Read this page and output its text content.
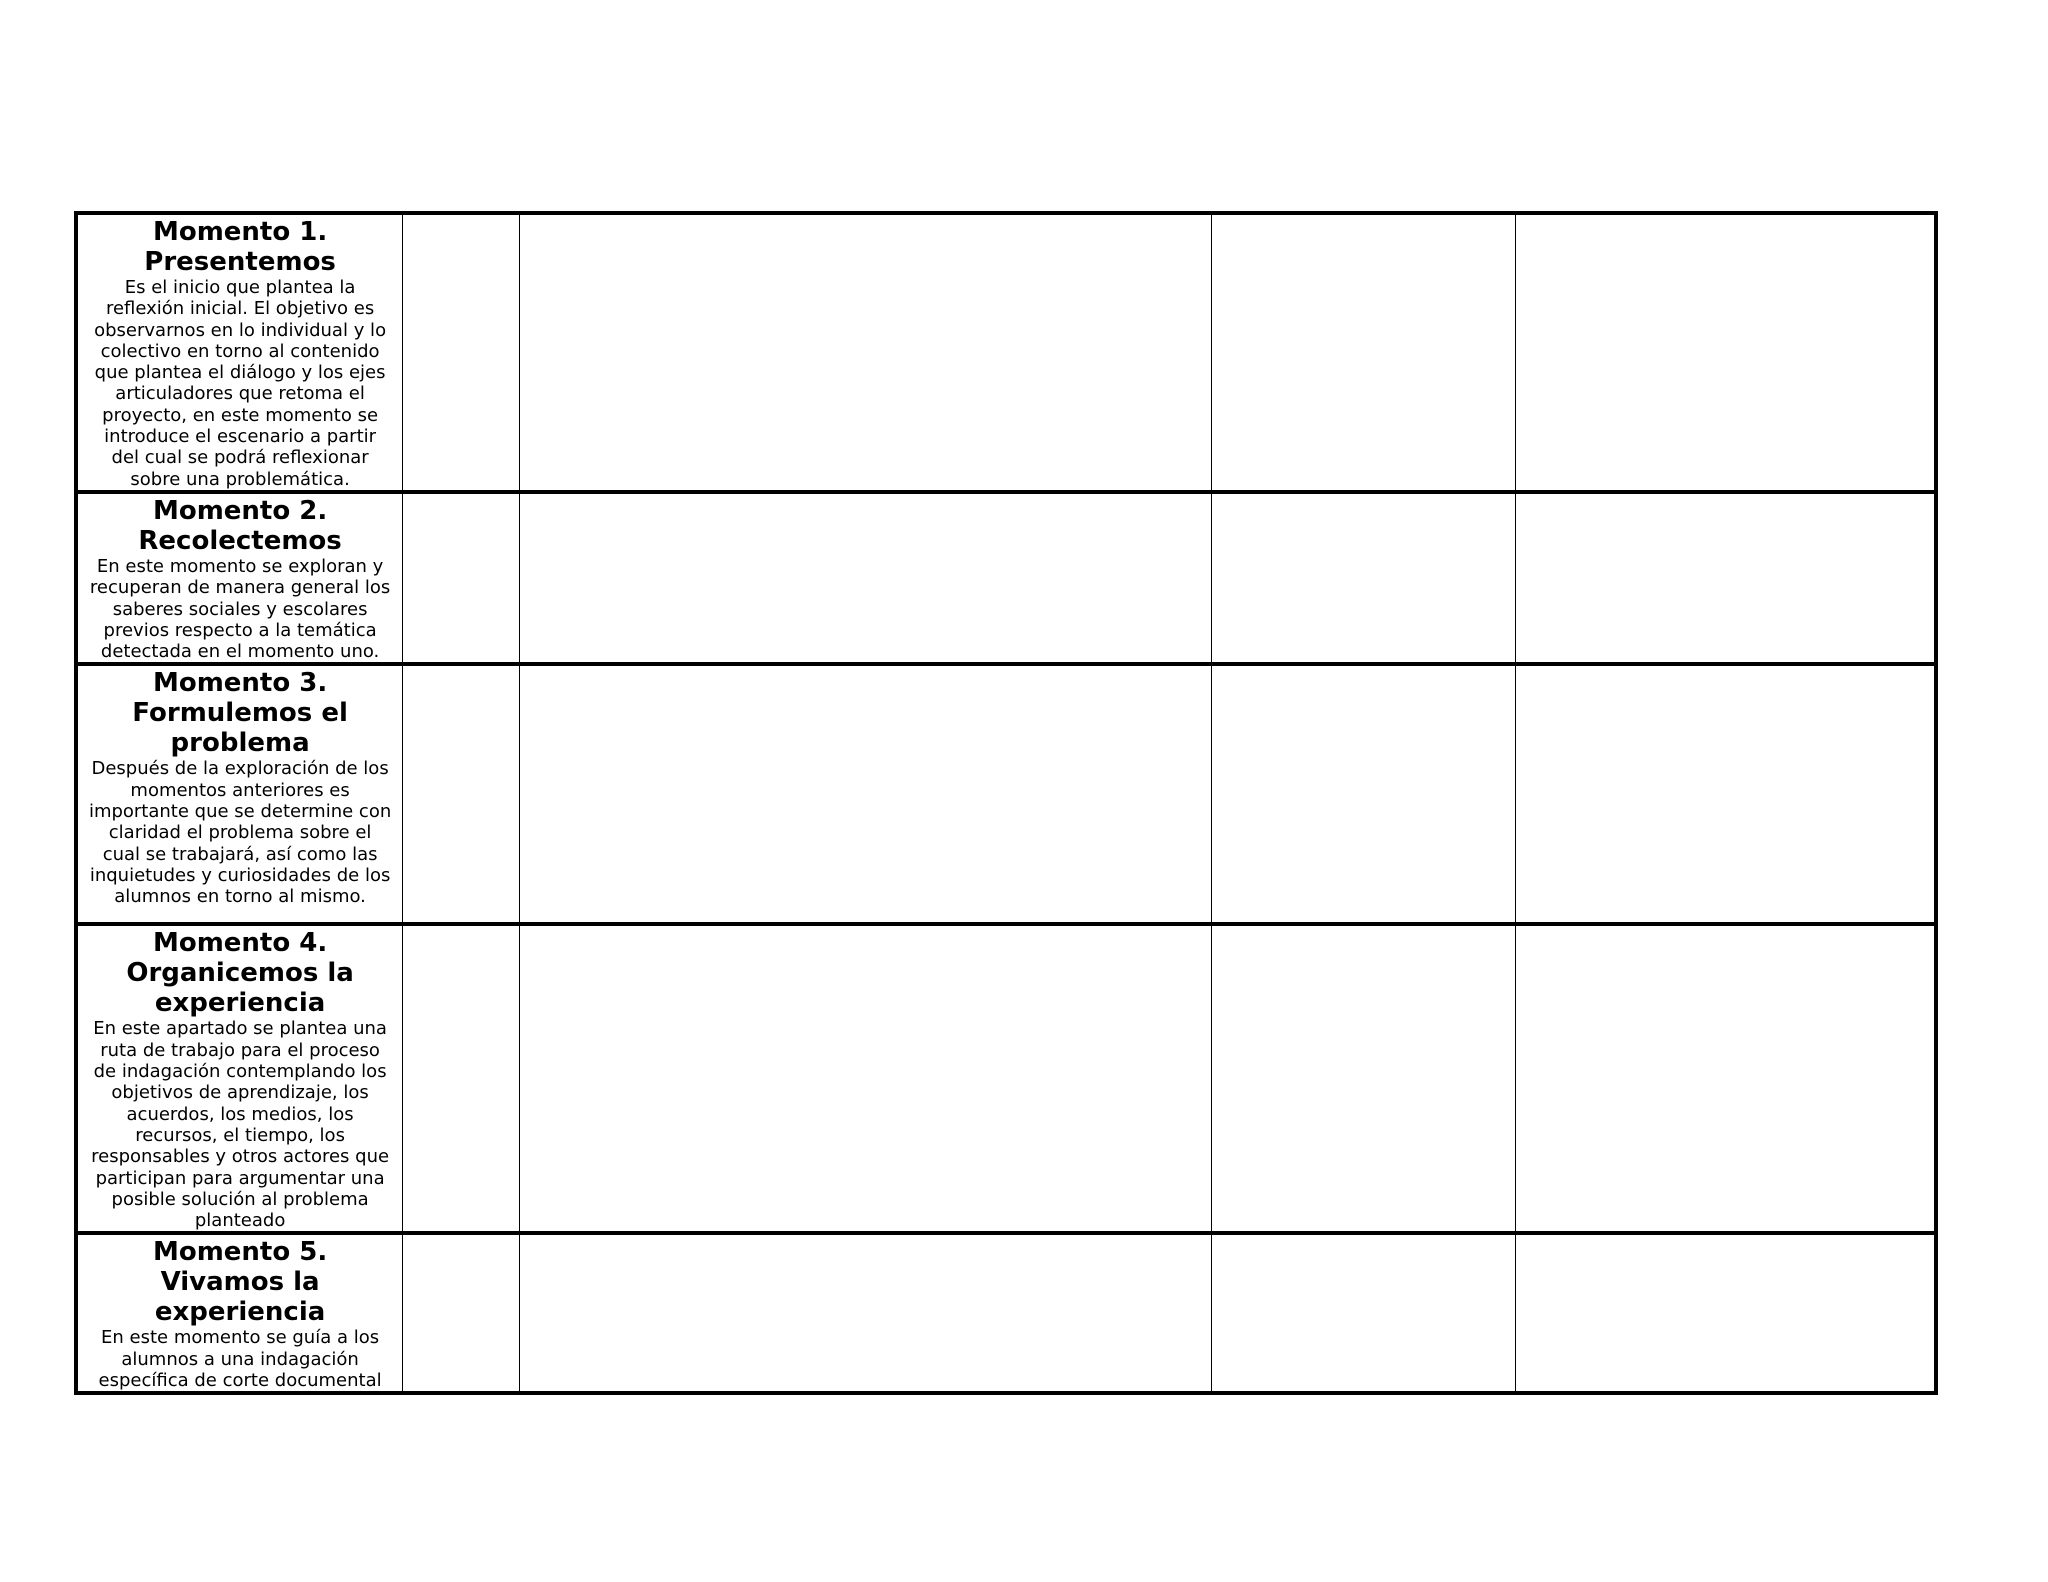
Momento 1.
Presentemos
Es el inicio que plantea la reflexión inicial. El objetivo es observarnos en lo individual y lo colectivo en torno al contenido que plantea el diálogo y los ejes articuladores que retoma el proyecto, en este momento se introduce el escenario a partir del cual se podrá reflexionar sobre una problemática.				

Momento 2.
Recolectemos
En este momento se exploran y recuperan de manera general los saberes sociales y escolares previos respecto a la temática detectada en el momento uno.				

Momento 3.
Formulemos el problema
Después de la exploración de los momentos anteriores es importante que se determine con claridad el problema sobre el cual se trabajará, así como las inquietudes y curiosidades de los alumnos en torno al mismo.				

Momento 4.
Organicemos la experiencia
En este apartado se plantea una ruta de trabajo para el proceso de indagación contemplando los objetivos de aprendizaje, los acuerdos, los medios, los recursos, el tiempo, los responsables y otros actores que participan para argumentar una posible solución al problema planteado				

Momento 5.
Vivamos la experiencia
En este momento se guía a los alumnos a una indagación específica de corte documental				
